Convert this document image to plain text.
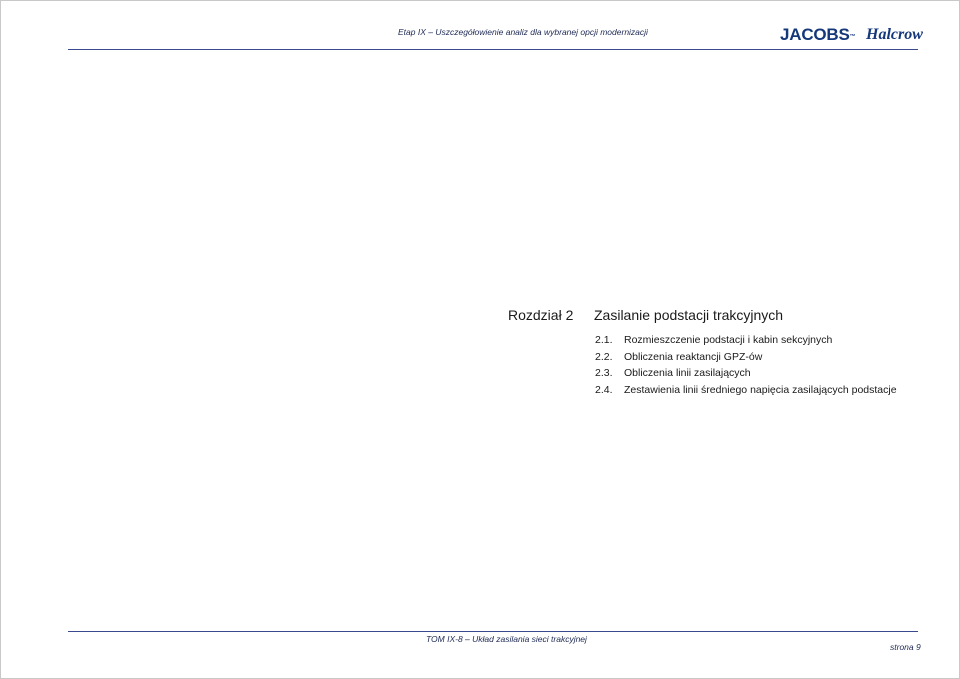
Etap IX – Uszczegółowienie analiz dla wybranej opcji modernizacji	JACOBS™ Halcrow
Rozdział 2 Zasilanie podstacji trakcyjnych
2.1.	Rozmieszczenie podstacji i kabin sekcyjnych
2.2.	Obliczenia reaktancji GPZ-ów
2.3.	Obliczenia linii zasilających
2.4.	Zestawienia linii średniego napięcia zasilających podstacje
TOM IX-8 – Układ zasilania sieci trakcyjnej
strona 9
